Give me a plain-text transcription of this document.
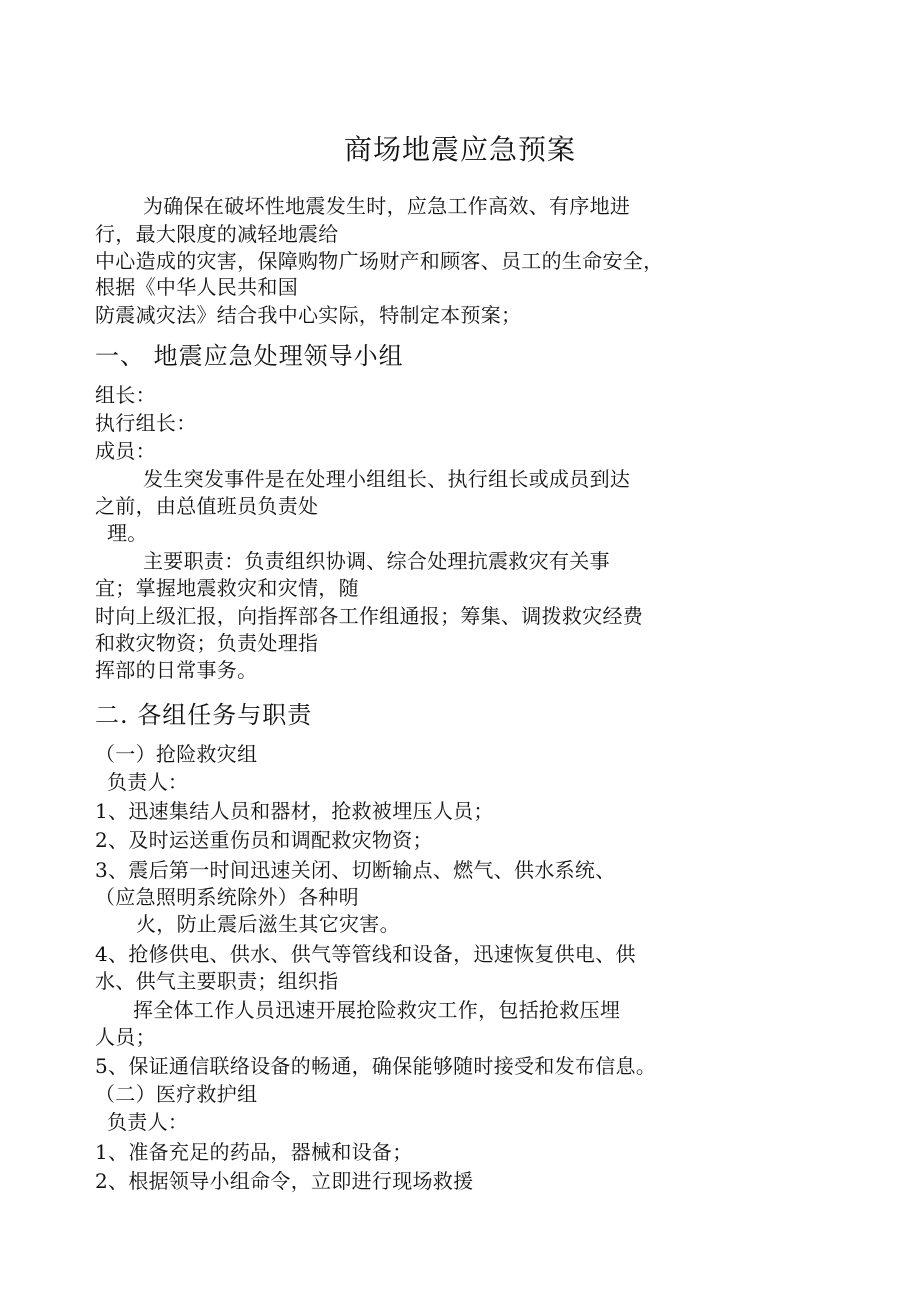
商场地震应急预案
为确保在破坏性地震发生时，应急工作高效、有序地进
行，最大限度的减轻地震给
中心造成的灾害，保障购物广场财产和顾客、员工的生命安全，
根据《中华人民共和国
防震减灾法》结合我中心实际，特制定本预案；
一、 地震应急处理领导小组
组长：
执行组长：
成员：
发生突发事件是在处理小组组长、执行组长或成员到达
之前，由总值班员负责处
理。
主要职责：负责组织协调、综合处理抗震救灾有关事
宜；掌握地震救灾和灾情，随
时向上级汇报，向指挥部各工作组通报；筹集、调拨救灾经费
和救灾物资；负责处理指
挥部的日常事务。
二. 各组任务与职责
（一）抢险救灾组
负责人：
1、迅速集结人员和器材，抢救被埋压人员；
2、及时运送重伤员和调配救灾物资；
3、震后第一时间迅速关闭、切断输点、燃气、供水系统、
（应急照明系统除外）各种明
火，防止震后滋生其它灾害。
4、抢修供电、供水、供气等管线和设备，迅速恢复供电、供
水、供气主要职责；组织指
挥全体工作人员迅速开展抢险救灾工作，包括抢救压埋
人员；
5、保证通信联络设备的畅通，确保能够随时接受和发布信息。
（二）医疗救护组
负责人：
1、准备充足的药品，器械和设备；
2、根据领导小组命令，立即进行现场救援
